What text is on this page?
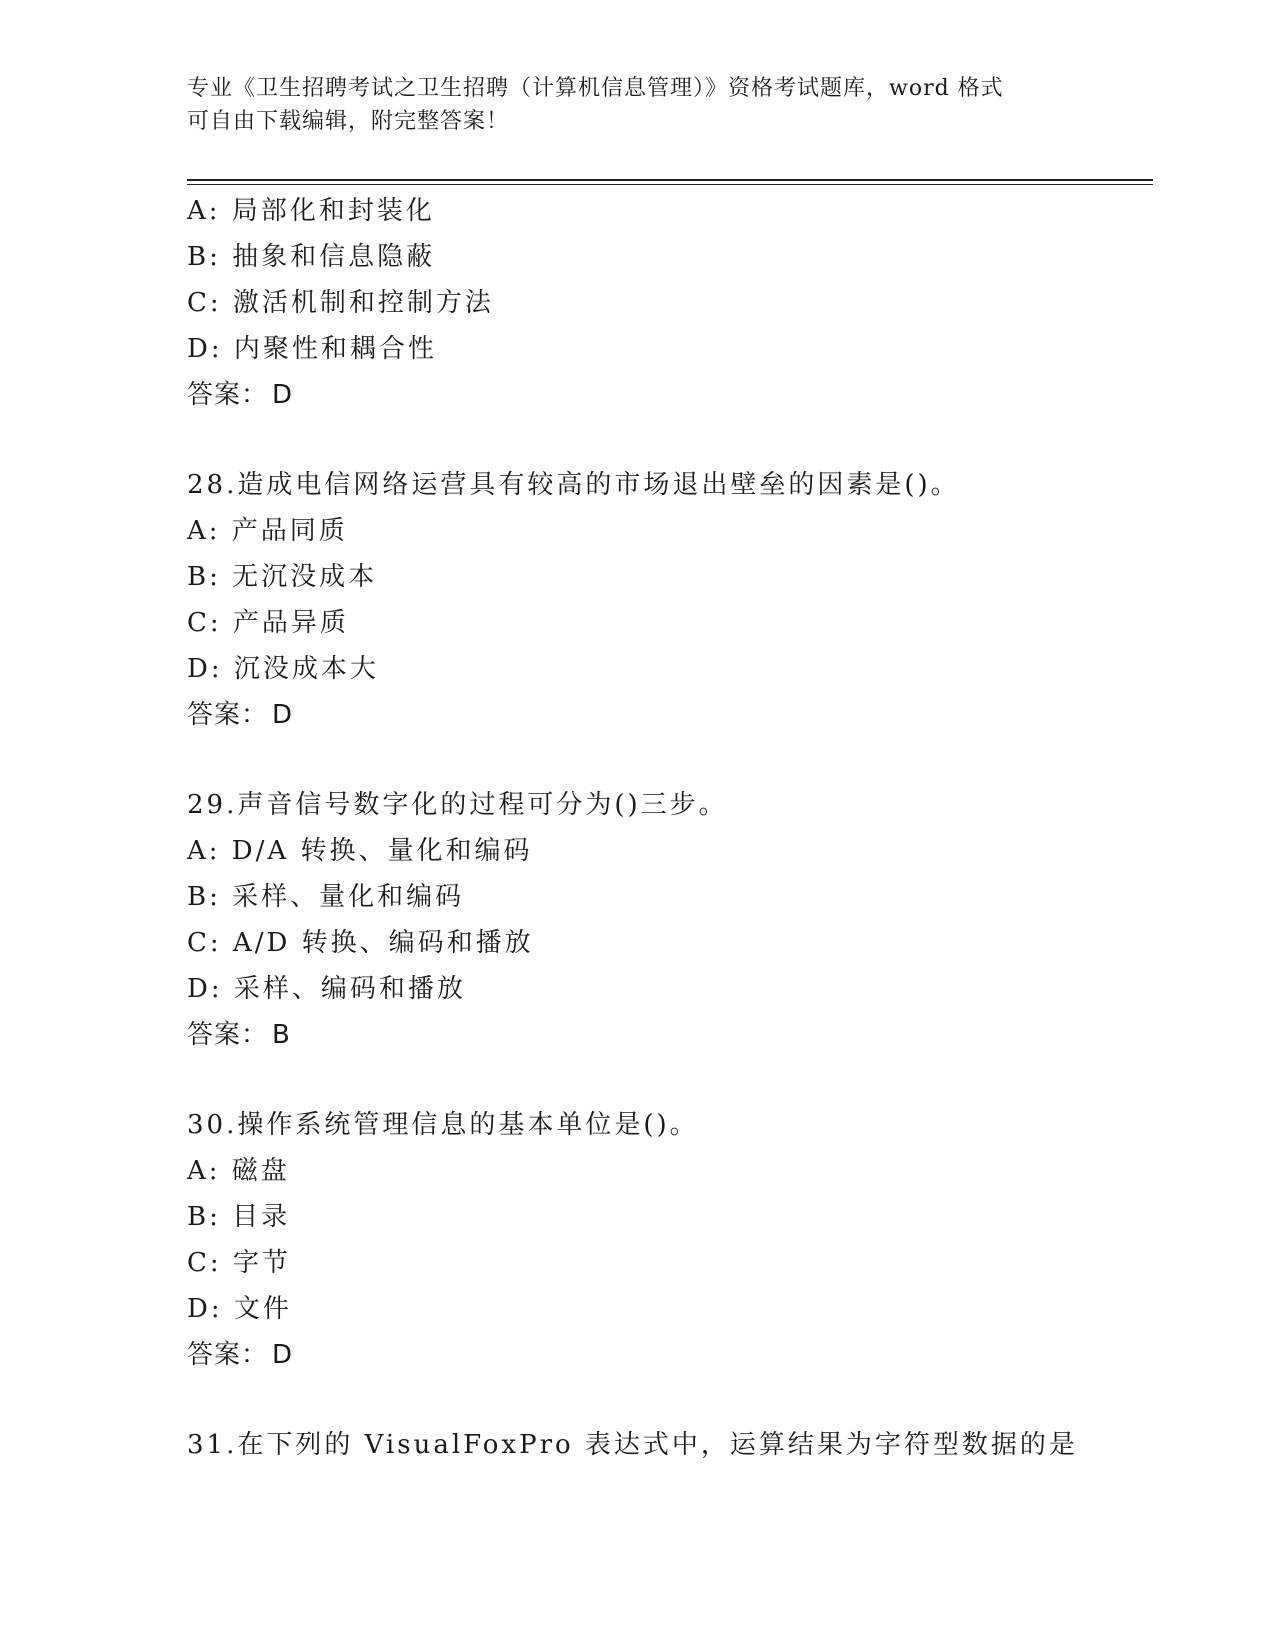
专业《卫生招聘考试之卫生招聘（计算机信息管理）》资格考试题库，word 格式
可自由下载编辑，附完整答案！
A: 局部化和封装化
B: 抽象和信息隐蔽
C: 激活机制和控制方法
D: 内聚性和耦合性
答案： D
28.造成电信网络运营具有较高的市场退出壁垒的因素是()。
A: 产品同质
B: 无沉没成本
C: 产品异质
D: 沉没成本大
答案： D
29.声音信号数字化的过程可分为()三步。
A: D/A 转换、量化和编码
B: 采样、量化和编码
C: A/D 转换、编码和播放
D: 采样、编码和播放
答案： B
30.操作系统管理信息的基本单位是()。
A: 磁盘
B: 目录
C: 字节
D: 文件
答案： D
31.在下列的 VisualFoxPro 表达式中，运算结果为字符型数据的是
